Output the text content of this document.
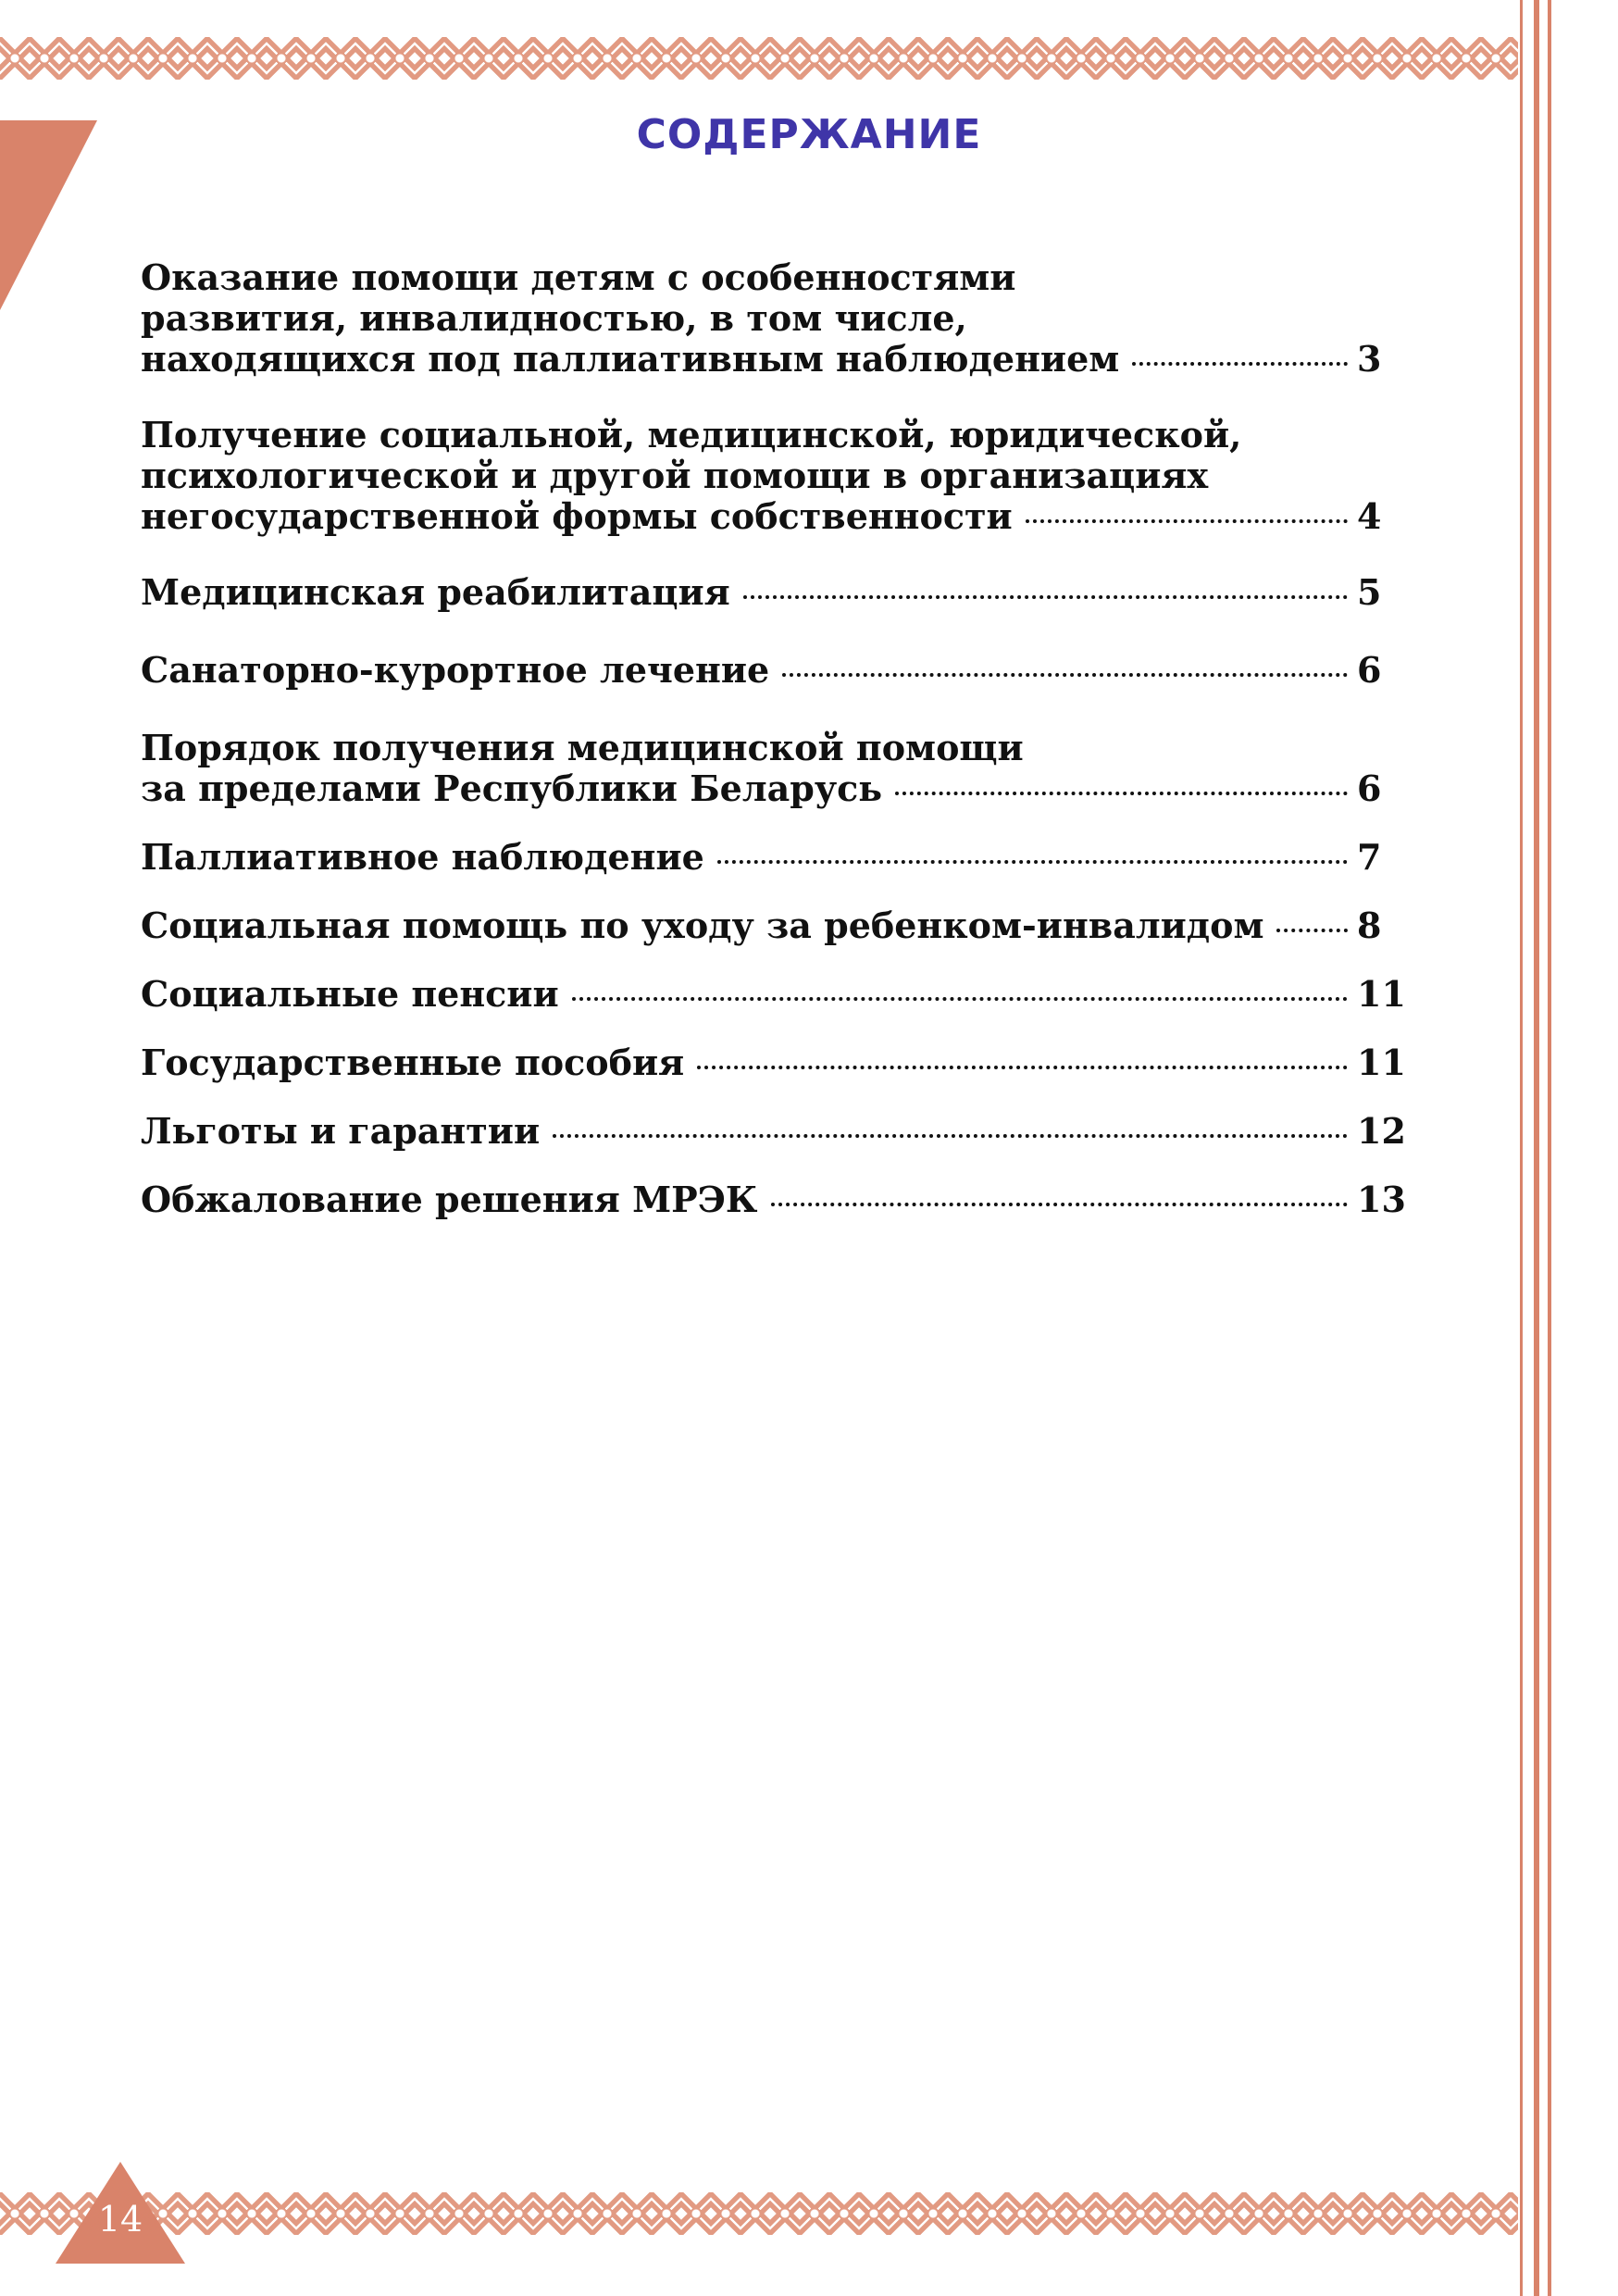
СОДЕРЖАНИЕ
Оказание помощи детям с особенностями
развития, инвалидностью, в том числе,
находящихся под паллиативным наблюдением	3
Получение социальной, медицинской, юридической,
психологической и другой помощи в организациях
негосударственной формы собственности	4
Медицинская реабилитация	5
Санаторно-курортное лечение	6
Порядок получения медицинской помощи
за пределами Республики Беларусь	6
Паллиативное наблюдение	7
Социальная помощь по уходу за ребенком-инвалидом	8
Социальные пенсии	11
Государственные пособия	11
Льготы и гарантии	12
Обжалование решения МРЭК	13
14
